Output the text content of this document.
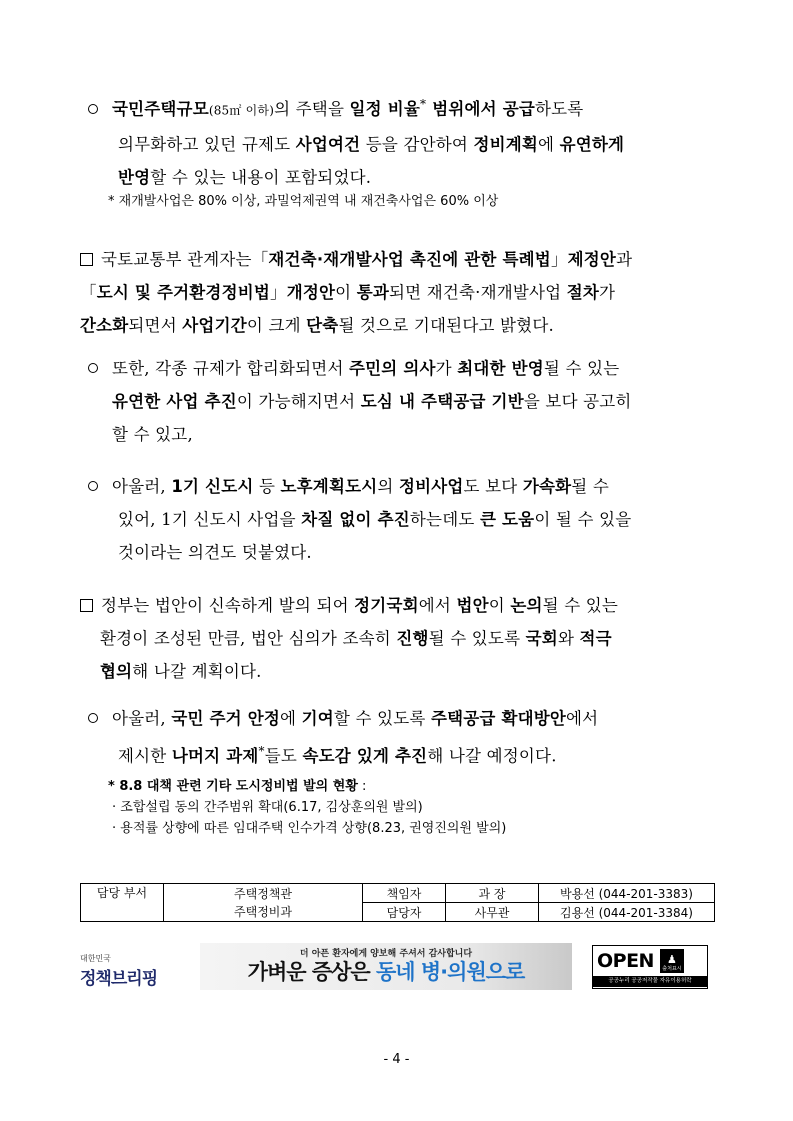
국민주택규모(85㎡ 이하)의 주택을 일정 비율* 범위에서 공급하도록
의무화하고 있던 규제도 사업여건 등을 감안하여 정비계획에 유연하게
반영할 수 있는 내용이 포함되었다.
* 재개발사업은 80% 이상, 과밀억제권역 내 재건축사업은 60% 이상
국토교통부 관계자는「재건축·재개발사업 촉진에 관한 특례법」제정안과
「도시 및 주거환경정비법」개정안이 통과되면 재건축·재개발사업 절차가
간소화되면서 사업기간이 크게 단축될 것으로 기대된다고 밝혔다.
또한, 각종 규제가 합리화되면서 주민의 의사가 최대한 반영될 수 있는
유연한 사업 추진이 가능해지면서 도심 내 주택공급 기반을 보다 공고히
할 수 있고,
아울러, 1기 신도시 등 노후계획도시의 정비사업도 보다 가속화될 수
있어, 1기 신도시 사업을 차질 없이 추진하는데도 큰 도움이 될 수 있을
것이라는 의견도 덧붙였다.
정부는 법안이 신속하게 발의 되어 정기국회에서 법안이 논의될 수 있는
환경이 조성된 만큼, 법안 심의가 조속히 진행될 수 있도록 국회와 적극
협의해 나갈 계획이다.
아울러, 국민 주거 안정에 기여할 수 있도록 주택공급 확대방안에서
제시한 나머지 과제*들도 속도감 있게 추진해 나갈 예정이다.
* 8.8 대책 관련 기타 도시정비법 발의 현황 :
· 조합설립 동의 간주범위 확대(6.17, 김상훈의원 발의)
· 용적률 상향에 따른 임대주택 인수가격 상향(8.23, 권영진의원 발의)
담당 부서	주택정책관	책임자	과 장	박용선 (044-201-3383)
	주택정비과	담당자	사무관	김용선 (044-201-3384)
대한민국
정책브리핑
더 아픈 환자에게 양보해 주셔서 감사합니다
가벼운 증상은 동네 병·의원으로	OPEN ♟
출처표시
공공누리 공공저작물 자유이용허락
- 4 -
